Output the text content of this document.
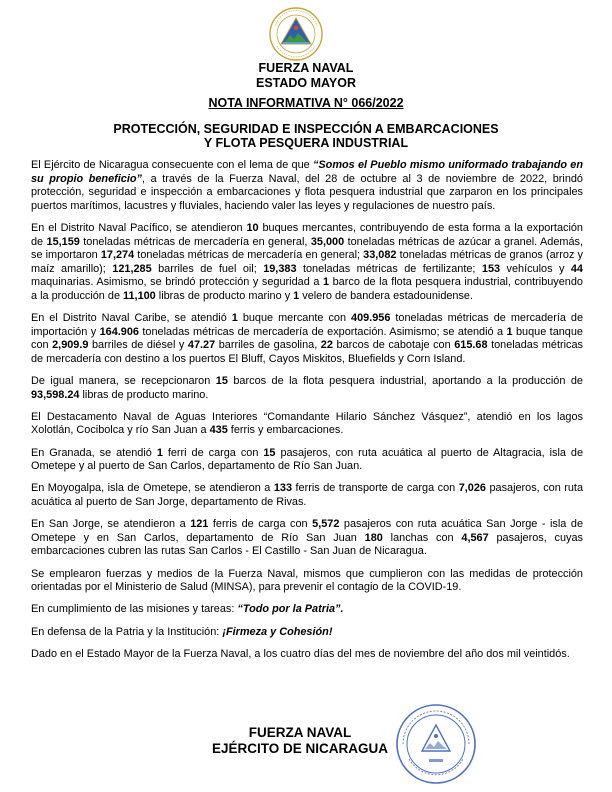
FUERZA NAVAL
ESTADO MAYOR
NOTA INFORMATIVA N° 066/2022
PROTECCIÓN, SEGURIDAD E INSPECCIÓN A EMBARCACIONES
Y FLOTA PESQUERA INDUSTRIAL

El Ejército de Nicaragua consecuente con el lema de que “Somos el Pueblo mismo uniformado trabajando en su propio beneficio”, a través de la Fuerza Naval, del 28 de octubre al 3 de noviembre de 2022, brindó protección, seguridad e inspección a embarcaciones y flota pesquera industrial que zarparon en los principales puertos marítimos, lacustres y fluviales, haciendo valer las leyes y regulaciones de nuestro país.

En el Distrito Naval Pacífico, se atendieron 10 buques mercantes, contribuyendo de esta forma a la exportación de 15,159 toneladas métricas de mercadería en general, 35,000 toneladas métricas de azúcar a granel. Además, se importaron 17,274 toneladas métricas de mercadería en general; 33,082 toneladas métricas de granos (arroz y maíz amarillo); 121,285 barriles de fuel oil; 19,383 toneladas métricas de fertilizante; 153 vehículos y 44 maquinarias. Asimismo, se brindó protección y seguridad a 1 barco de la flota pesquera industrial, contribuyendo a la producción de 11,100 libras de producto marino y 1 velero de bandera estadounidense.

En el Distrito Naval Caribe, se atendió 1 buque mercante con 409.956 toneladas métricas de mercadería de importación y 164.906 toneladas métricas de mercadería de exportación. Asimismo; se atendió a 1 buque tanque con 2,909.9 barriles de diésel y 47.27 barriles de gasolina, 22 barcos de cabotaje con 615.68 toneladas métricas de mercadería con destino a los puertos El Bluff, Cayos Miskitos, Bluefields y Corn Island.

De igual manera, se recepcionaron 15 barcos de la flota pesquera industrial, aportando a la producción de 93,598.24 libras de producto marino.

El Destacamento Naval de Aguas Interiores “Comandante Hilario Sánchez Vásquez”, atendió en los lagos Xolotlán, Cocibolca y río San Juan a 435 ferris y embarcaciones.

En Granada, se atendió 1 ferri de carga con 15 pasajeros, con ruta acuática al puerto de Altagracia, isla de Ometepe y al puerto de San Carlos, departamento de Río San Juan.

En Moyogalpa, isla de Ometepe, se atendieron a 133 ferris de transporte de carga con 7,026 pasajeros, con ruta acuática al puerto de San Jorge, departamento de Rivas.

En San Jorge, se atendieron a 121 ferris de carga con 5,572 pasajeros con ruta acuática San Jorge - isla de Ometepe y en San Carlos, departamento de Río San Juan 180 lanchas con 4,567 pasajeros, cuyas embarcaciones cubren las rutas San Carlos - El Castillo - San Juan de Nicaragua.

Se emplearon fuerzas y medios de la Fuerza Naval, mismos que cumplieron con las medidas de protección orientadas por el Ministerio de Salud (MINSA), para prevenir el contagio de la COVID-19.

En cumplimiento de las misiones y tareas: “Todo por la Patria”.

En defensa de la Patria y la Institución: ¡Firmeza y Cohesión!

Dado en el Estado Mayor de la Fuerza Naval, a los cuatro días del mes de noviembre del año dos mil veintidós.

FUERZA NAVAL
EJÉRCITO DE NICARAGUA
